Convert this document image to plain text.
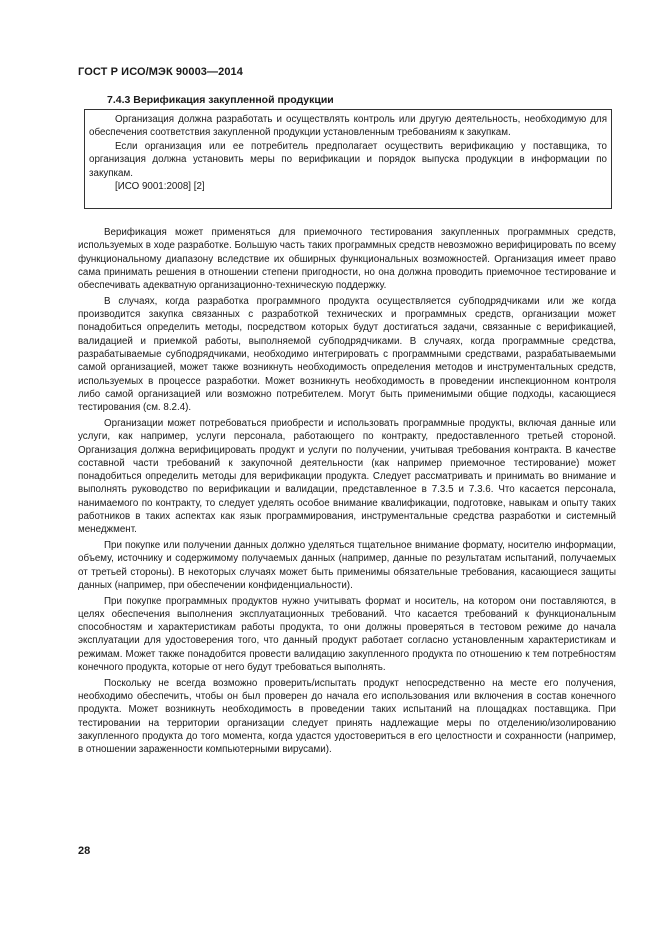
ГОСТ Р ИСО/МЭК 90003—2014
7.4.3 Верификация закупленной продукции

Организация должна разработать и осуществлять контроль или другую деятельность, необходимую для обеспечения соответствия закупленной продукции установленным требованиям к закупкам.

Если организация или ее потребитель предполагает осуществить верификацию у поставщика, то организация должна установить меры по верификации и порядок выпуска продукции в информации по закупкам.

[ИСО 9001:2008] [2]

Верификация может применяться для приемочного тестирования закупленных программных средств, используемых в ходе разработке. Большую часть таких программных средств невозможно верифицировать по всему функциональному диапазону вследствие их обширных функциональных возможностей. Организация имеет право сама принимать решения в отношении степени пригодности, но она должна проводить приемочное тестирование и обеспечивать адекватную организационно-техническую поддержку.

В случаях, когда разработка программного продукта осуществляется субподрядчиками или же когда производится закупка связанных с разработкой технических и программных средств, организации может понадобиться определить методы, посредством которых будут достигаться задачи, связанные с верификацией, валидацией и приемкой работы, выполняемой субподрядчиками. В случаях, когда программные средства, разрабатываемые субподрядчиками, необходимо интегрировать с программными средствами, разрабатываемыми самой организацией, может также возникнуть необходимость определения методов и инструментальных средств, используемых в процессе разработки. Может возникнуть необходимость в проведении инспекционном контроля либо самой организацией или возможно потребителем. Могут быть применимыми общие подходы, касающиеся тестирования (см. 8.2.4).

Организации может потребоваться приобрести и использовать программные продукты, включая данные или услуги, как например, услуги персонала, работающего по контракту, предоставленного третьей стороной. Организация должна верифицировать продукт и услуги по получении, учитывая требования контракта. В качестве составной части требований к закупочной деятельности (как например приемочное тестирование) может понадобиться определить методы для верификации продукта. Следует рассматривать и принимать во внимание и выполнять руководство по верификации и валидации, представленное в 7.3.5 и 7.3.6. Что касается персонала, нанимаемого по контракту, то следует уделять особое внимание квалификации, подготовке, навыкам и опыту таких работников в таких аспектах как язык программирования, инструментальные средства разработки и системный менеджмент.

При покупке или получении данных должно уделяться тщательное внимание формату, носителю информации, объему, источнику и содержимому получаемых данных (например, данные по результатам испытаний, получаемых от третьей стороны). В некоторых случаях может быть применимы обязательные требования, касающиеся защиты данных (например, при обеспечении конфиденциальности).

При покупке программных продуктов нужно учитывать формат и носитель, на котором они поставляются, в целях обеспечения выполнения эксплуатационных требований. Что касается требований к функциональным способностям и характеристикам работы продукта, то они должны проверяться в тестовом режиме до начала эксплуатации для удостоверения того, что данный продукт работает согласно установленным характеристикам и режимам. Может также понадобится провести валидацию закупленного продукта по отношению к тем потребностям конечного продукта, которые от него будут требоваться выполнять.

Поскольку не всегда возможно проверить/испытать продукт непосредственно на месте его получения, необходимо обеспечить, чтобы он был проверен до начала его использования или включения в состав конечного продукта. Может возникнуть необходимость в проведении таких испытаний на площадках поставщика. При тестировании на территории организации следует принять надлежащие меры по отделению/изолированию закупленного продукта до того момента, когда удастся удостовериться в его целостности и сохранности (например, в отношении зараженности компьютерными вирусами).

28
